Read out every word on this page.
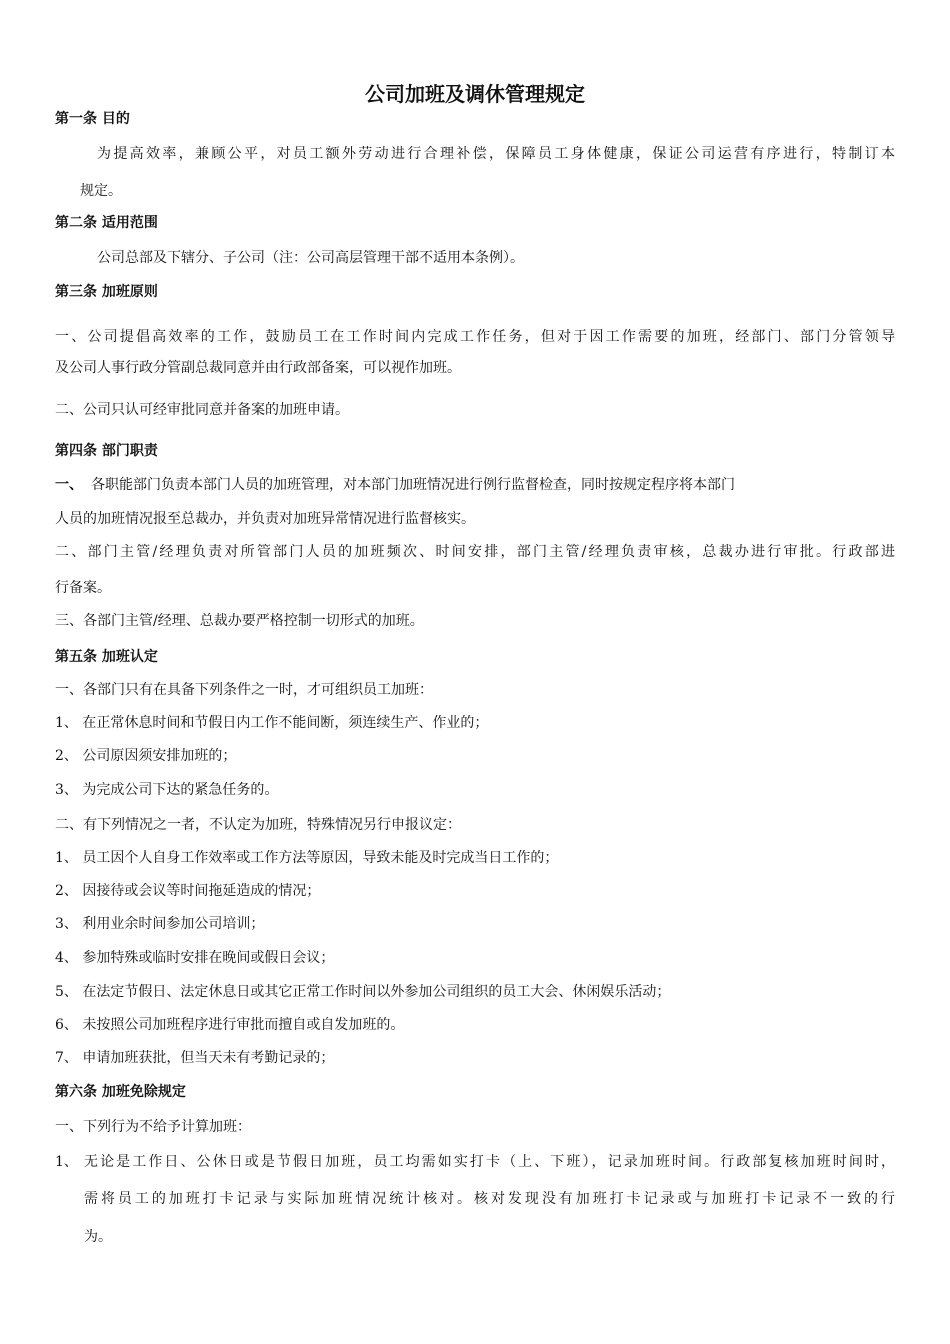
公司加班及调休管理规定
第一条 目的
为提高效率，兼顾公平，对员工额外劳动进行合理补偿，保障员工身体健康，保证公司运营有序进行，特制订本
规定。
第二条 适用范围
公司总部及下辖分、子公司（注：公司高层管理干部不适用本条例）。
第三条 加班原则
一、公司提倡高效率的工作，鼓励员工在工作时间内完成工作任务，但对于因工作需要的加班，经部门、部门分管领导
及公司人事行政分管副总裁同意并由行政部备案，可以视作加班。
二、公司只认可经审批同意并备案的加班申请。
第四条 部门职责
一、 各职能部门负责本部门人员的加班管理，对本部门加班情况进行例行监督检查，同时按规定程序将本部门
人员的加班情况报至总裁办，并负责对加班异常情况进行监督核实。
二、部门主管/经理负责对所管部门人员的加班频次、时间安排，部门主管/经理负责审核，总裁办进行审批。行政部进
行备案。
三、各部门主管/经理、总裁办要严格控制一切形式的加班。
第五条 加班认定
一、各部门只有在具备下列条件之一时，才可组织员工加班：
1、 在正常休息时间和节假日内工作不能间断，须连续生产、作业的；
2、 公司原因须安排加班的；
3、 为完成公司下达的紧急任务的。
二、有下列情况之一者，不认定为加班，特殊情况另行申报议定：
1、 员工因个人自身工作效率或工作方法等原因，导致未能及时完成当日工作的；
2、 因接待或会议等时间拖延造成的情况；
3、 利用业余时间参加公司培训；
4、 参加特殊或临时安排在晚间或假日会议；
5、 在法定节假日、法定休息日或其它正常工作时间以外参加公司组织的员工大会、休闲娱乐活动；
6、 未按照公司加班程序进行审批而擅自或自发加班的。
7、 申请加班获批，但当天未有考勤记录的；
第六条 加班免除规定
一、下列行为不给予计算加班：
1、 无论是工作日、公休日或是节假日加班，员工均需如实打卡（上、下班），记录加班时间。行政部复核加班时间时，
需将员工的加班打卡记录与实际加班情况统计核对。核对发现没有加班打卡记录或与加班打卡记录不一致的行
为。
